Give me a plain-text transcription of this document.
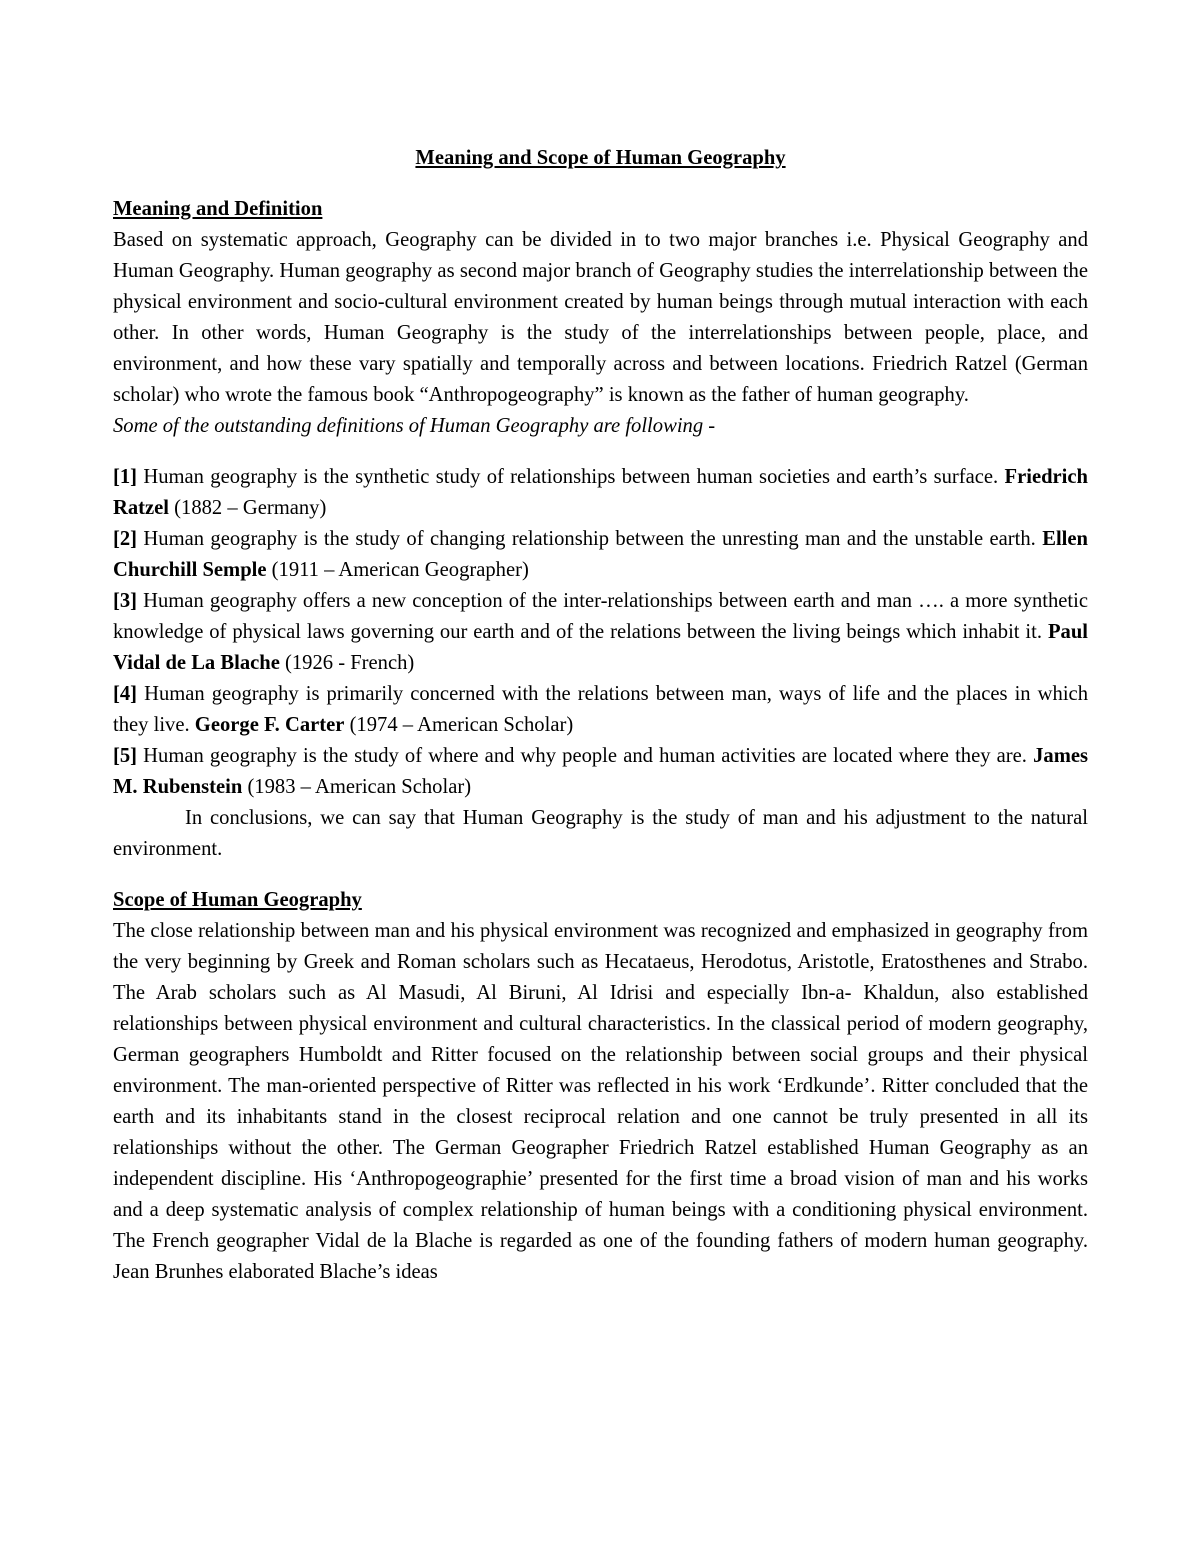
Meaning and Scope of Human Geography
Meaning and Definition

Based on systematic approach, Geography can be divided in to two major branches i.e. Physical Geography and Human Geography. Human geography as second major branch of Geography studies the interrelationship between the physical environment and socio-cultural environment created by human beings through mutual interaction with each other. In other words, Human Geography is the study of the interrelationships between people, place, and environment, and how these vary spatially and temporally across and between locations. Friedrich Ratzel (German scholar) who wrote the famous book “Anthropogeography” is known as the father of human geography.

Some of the outstanding definitions of Human Geography are following -

[1] Human geography is the synthetic study of relationships between human societies and earth’s surface. Friedrich Ratzel (1882 – Germany)

[2] Human geography is the study of changing relationship between the unresting man and the unstable earth. Ellen Churchill Semple (1911 – American Geographer)

[3] Human geography offers a new conception of the inter-relationships between earth and man …. a more synthetic knowledge of physical laws governing our earth and of the relations between the living beings which inhabit it. Paul Vidal de La Blache (1926 - French)

[4] Human geography is primarily concerned with the relations between man, ways of life and the places in which they live. George F. Carter (1974 – American Scholar)

[5] Human geography is the study of where and why people and human activities are located where they are. James M. Rubenstein (1983 – American Scholar)

In conclusions, we can say that Human Geography is the study of man and his adjustment to the natural environment.

Scope of Human Geography

The close relationship between man and his physical environment was recognized and emphasized in geography from the very beginning by Greek and Roman scholars such as Hecataeus, Herodotus, Aristotle, Eratosthenes and Strabo. The Arab scholars such as Al Masudi, Al Biruni, Al Idrisi and especially Ibn-a- Khaldun, also established relationships between physical environment and cultural characteristics. In the classical period of modern geography, German geographers Humboldt and Ritter focused on the relationship between social groups and their physical environment. The man-oriented perspective of Ritter was reflected in his work ‘Erdkunde’. Ritter concluded that the earth and its inhabitants stand in the closest reciprocal relation and one cannot be truly presented in all its relationships without the other. The German Geographer Friedrich Ratzel established Human Geography as an independent discipline. His ‘Anthropogeographie’ presented for the first time a broad vision of man and his works and a deep systematic analysis of complex relationship of human beings with a conditioning physical environment. The French geographer Vidal de la Blache is regarded as one of the founding fathers of modern human geography. Jean Brunhes elaborated Blache’s ideas
